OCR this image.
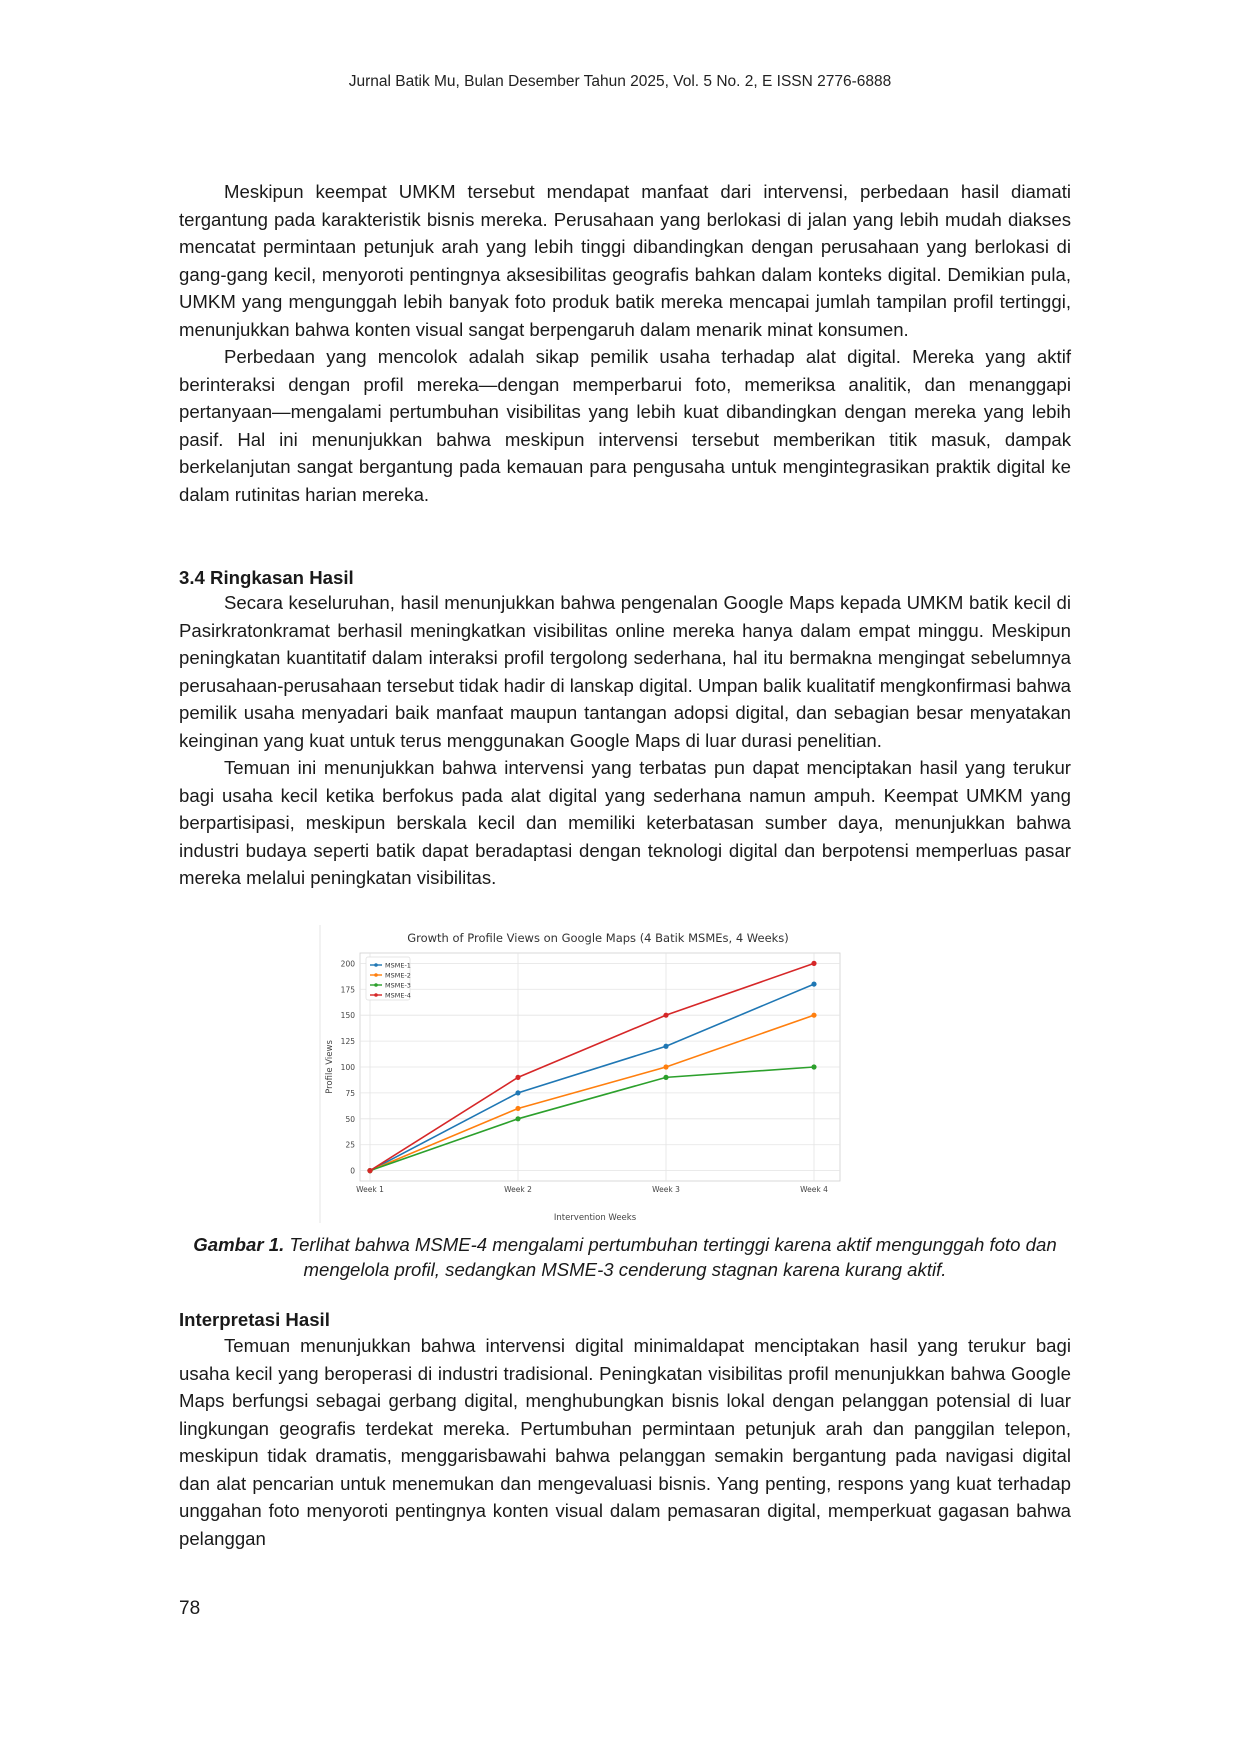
Jurnal Batik Mu, Bulan Desember Tahun 2025, Vol. 5 No. 2, E ISSN 2776-6888

Meskipun keempat UMKM tersebut mendapat manfaat dari intervensi, perbedaan hasil diamati tergantung pada karakteristik bisnis mereka. Perusahaan yang berlokasi di jalan yang lebih mudah diakses mencatat permintaan petunjuk arah yang lebih tinggi dibandingkan dengan perusahaan yang berlokasi di gang-gang kecil, menyoroti pentingnya aksesibilitas geografis bahkan dalam konteks digital. Demikian pula, UMKM yang mengunggah lebih banyak foto produk batik mereka mencapai jumlah tampilan profil tertinggi, menunjukkan bahwa konten visual sangat berpengaruh dalam menarik minat konsumen.

Perbedaan yang mencolok adalah sikap pemilik usaha terhadap alat digital. Mereka yang aktif berinteraksi dengan profil mereka—dengan memperbarui foto, memeriksa analitik, dan menanggapi pertanyaan—mengalami pertumbuhan visibilitas yang lebih kuat dibandingkan dengan mereka yang lebih pasif. Hal ini menunjukkan bahwa meskipun intervensi tersebut memberikan titik masuk, dampak berkelanjutan sangat bergantung pada kemauan para pengusaha untuk mengintegrasikan praktik digital ke dalam rutinitas harian mereka.

3.4 Ringkasan Hasil

Secara keseluruhan, hasil menunjukkan bahwa pengenalan Google Maps kepada UMKM batik kecil di Pasirkratonkramat berhasil meningkatkan visibilitas online mereka hanya dalam empat minggu. Meskipun peningkatan kuantitatif dalam interaksi profil tergolong sederhana, hal itu bermakna mengingat sebelumnya perusahaan-perusahaan tersebut tidak hadir di lanskap digital. Umpan balik kualitatif mengkonfirmasi bahwa pemilik usaha menyadari baik manfaat maupun tantangan adopsi digital, dan sebagian besar menyatakan keinginan yang kuat untuk terus menggunakan Google Maps di luar durasi penelitian.

Temuan ini menunjukkan bahwa intervensi yang terbatas pun dapat menciptakan hasil yang terukur bagi usaha kecil ketika berfokus pada alat digital yang sederhana namun ampuh. Keempat UMKM yang berpartisipasi, meskipun berskala kecil dan memiliki keterbatasan sumber daya, menunjukkan bahwa industri budaya seperti batik dapat beradaptasi dengan teknologi digital dan berpotensi memperluas pasar mereka melalui peningkatan visibilitas.

Growth of Profile Views on Google Maps (4 Batik MSMEs, 4 Weeks)
0
25
50
75
100
125
150
175
200
Week 1	Week 2	Week 3	Week 4
Intervention Weeks
Profile Views
MSME-1
MSME-2
MSME-3
MSME-4
Gambar 1. Terlihat bahwa MSME-4 mengalami pertumbuhan tertinggi karena aktif mengunggah foto dan mengelola profil, sedangkan MSME-3 cenderung stagnan karena kurang aktif.
Interpretasi Hasil

Temuan menunjukkan bahwa intervensi digital minimaldapat menciptakan hasil yang terukur bagi usaha kecil yang beroperasi di industri tradisional. Peningkatan visibilitas profil menunjukkan bahwa Google Maps berfungsi sebagai gerbang digital, menghubungkan bisnis lokal dengan pelanggan potensial di luar lingkungan geografis terdekat mereka. Pertumbuhan permintaan petunjuk arah dan panggilan telepon, meskipun tidak dramatis, menggarisbawahi bahwa pelanggan semakin bergantung pada navigasi digital dan alat pencarian untuk menemukan dan mengevaluasi bisnis. Yang penting, respons yang kuat terhadap unggahan foto menyoroti pentingnya konten visual dalam pemasaran digital, memperkuat gagasan bahwa pelanggan

78
